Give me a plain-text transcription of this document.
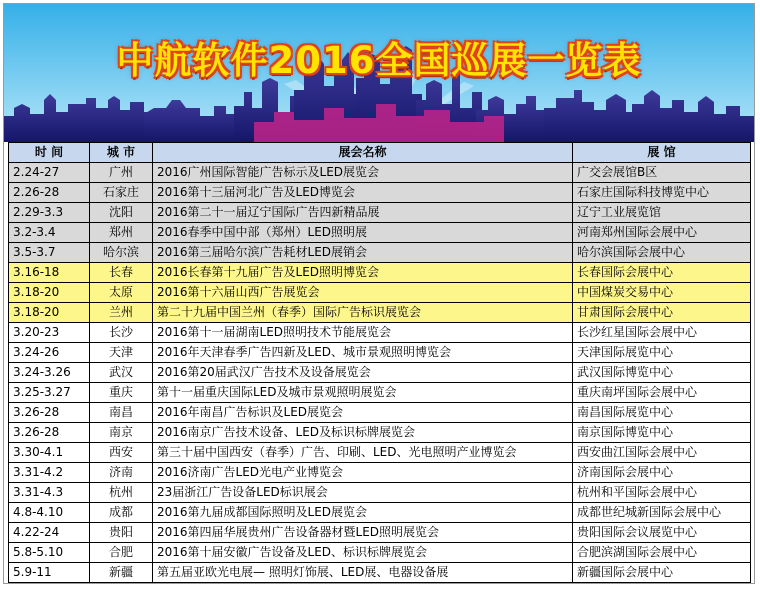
中航软件2016全国巡展一览表
时 间	城 市	展会名称	展 馆
2.24-27	广州	2016广州国际智能广告标示及LED展览会	广交会展馆B区
2.26-28	石家庄	2016第十三届河北广告及LED博览会	石家庄国际科技博览中心
2.29-3.3	沈阳	2016第二十一届辽宁国际广告四新精品展	辽宁工业展览馆
3.2-3.4	郑州	2016春季中国中部（郑州）LED照明展	河南郑州国际会展中心
3.5-3.7	哈尔滨	2016第三届哈尔滨广告耗材LED展销会	哈尔滨国际会展中心
3.16-18	长春	2016长春第十九届广告及LED照明博览会	长春国际会展中心
3.18-20	太原	2016第十六届山西广告展览会	中国煤炭交易中心
3.18-20	兰州	第二十九届中国兰州（春季）国际广告标识展览会	甘肃国际会展中心
3.20-23	长沙	2016第十一届湖南LED照明技术节能展览会	长沙红星国际会展中心
3.24-26	天津	2016年天津春季广告四新及LED、城市景观照明博览会	天津国际展览中心
3.24-3.26	武汉	2016第20届武汉广告技术及设备展览会	武汉国际博览中心
3.25-3.27	重庆	第十一届重庆国际LED及城市景观照明展览会	重庆南坪国际会展中心
3.26-28	南昌	2016年南昌广告标识及LED展览会	南昌国际展览中心
3.26-28	南京	2016南京广告技术设备、LED及标识标牌展览会	南京国际博览中心
3.30-4.1	西安	第三十届中国西安（春季）广告、印刷、LED、光电照明产业博览会	西安曲江国际会展中心
3.31-4.2	济南	2016济南广告LED光电产业博览会	济南国际会展中心
3.31-4.3	杭州	23届浙江广告设备LED标识展会	杭州和平国际会展中心
4.8-4.10	成都	2016第九届成都国际照明及LED展览会	成都世纪城新国际会展中心
4.22-24	贵阳	2016第四届华展贵州广告设备器材暨LED照明展览会	贵阳国际会议展览中心
5.8-5.10	合肥	2016第十届安徽广告设备及LED、标识标牌展览会	合肥滨湖国际会展中心
5.9-11	新疆	第五届亚欧光电展— 照明灯饰展、LED展、电器设备展	新疆国际会展中心
